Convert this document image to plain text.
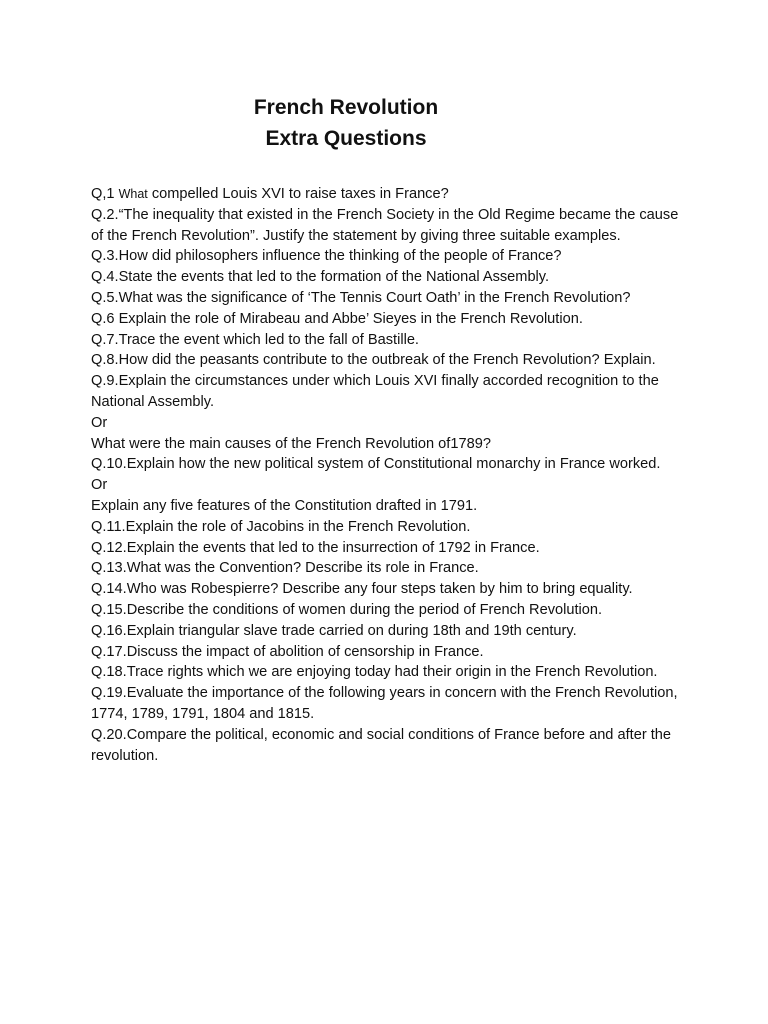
French Revolution
Extra Questions
Q,1 What compelled Louis XVI to raise taxes in France?
Q.2.“The inequality that existed in the French Society in the Old Regime became the cause of the French Revolution”. Justify the statement by giving three suitable examples.
Q.3.How did philosophers influence the thinking of the people of France?
Q.4.State the events that led to the formation of the National Assembly.
Q.5.What was the significance of ‘The Tennis Court Oath’ in the French Revolution?
Q.6 Explain the role of Mirabeau and Abbe’ Sieyes in the French Revolution.
Q.7.Trace the event which led to the fall of Bastille.
Q.8.How did the peasants contribute to the outbreak of the French Revolution? Explain.
Q.9.Explain the circumstances under which Louis XVI finally accorded recognition to the National Assembly.
Or
What were the main causes of the French Revolution of1789?
Q.10.Explain how the new political system of Constitutional monarchy in France worked.
Or
Explain any five features of the Constitution drafted in 1791.
Q.11.Explain the role of Jacobins in the French Revolution.
Q.12.Explain the events that led to the insurrection of 1792 in France.
Q.13.What was the Convention? Describe its role in France.
Q.14.Who was Robespierre? Describe any four steps taken by him to bring equality.
Q.15.Describe the conditions of women during the period of French Revolution.
Q.16.Explain triangular slave trade carried on during 18th and 19th century.
Q.17.Discuss the impact of abolition of censorship in France.
Q.18.Trace rights which we are enjoying today had their origin in the French Revolution.
Q.19.Evaluate the importance of the following years in concern with the French Revolution, 1774, 1789, 1791, 1804 and 1815.
Q.20.Compare the political, economic and social conditions of France before and after the revolution.
